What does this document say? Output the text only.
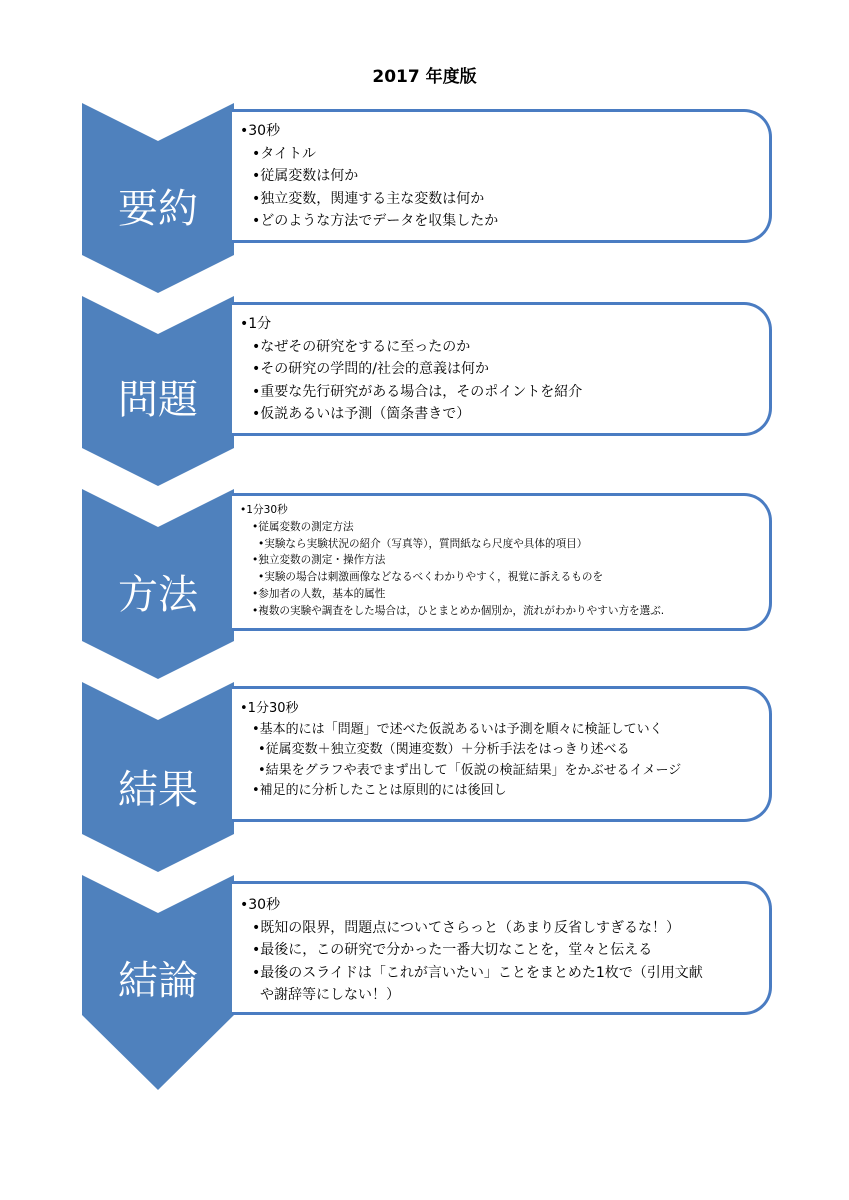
2017 年度版
要約
•30秒
•タイトル
•従属変数は何か
•独立変数，関連する主な変数は何か
•どのような方法でデータを収集したか
問題
•1分
•なぜその研究をするに至ったのか
•その研究の学問的/社会的意義は何か
•重要な先行研究がある場合は，そのポイントを紹介
•仮説あるいは予測（箇条書きで）
方法
•1分30秒
•従属変数の測定方法
•実験なら実験状況の紹介（写真等），質問紙なら尺度や具体的項目）
•独立変数の測定・操作方法
•実験の場合は刺激画像などなるべくわかりやすく，視覚に訴えるものを
•参加者の人数，基本的属性
•複数の実験や調査をした場合は，ひとまとめか個別か，流れがわかりやすい方を選ぶ.
結果
•1分30秒
•基本的には「問題」で述べた仮説あるいは予測を順々に検証していく
•従属変数＋独立変数（関連変数）＋分析手法をはっきり述べる
•結果をグラフや表でまず出して「仮説の検証結果」をかぶせるイメージ
•補足的に分析したことは原則的には後回し
結論
•30秒
•既知の限界，問題点についてさらっと（あまり反省しすぎるな！）
•最後に，この研究で分かった一番大切なことを，堂々と伝える
•最後のスライドは「これが言いたい」ことをまとめた1枚で（引用文献
や謝辞等にしない！）
